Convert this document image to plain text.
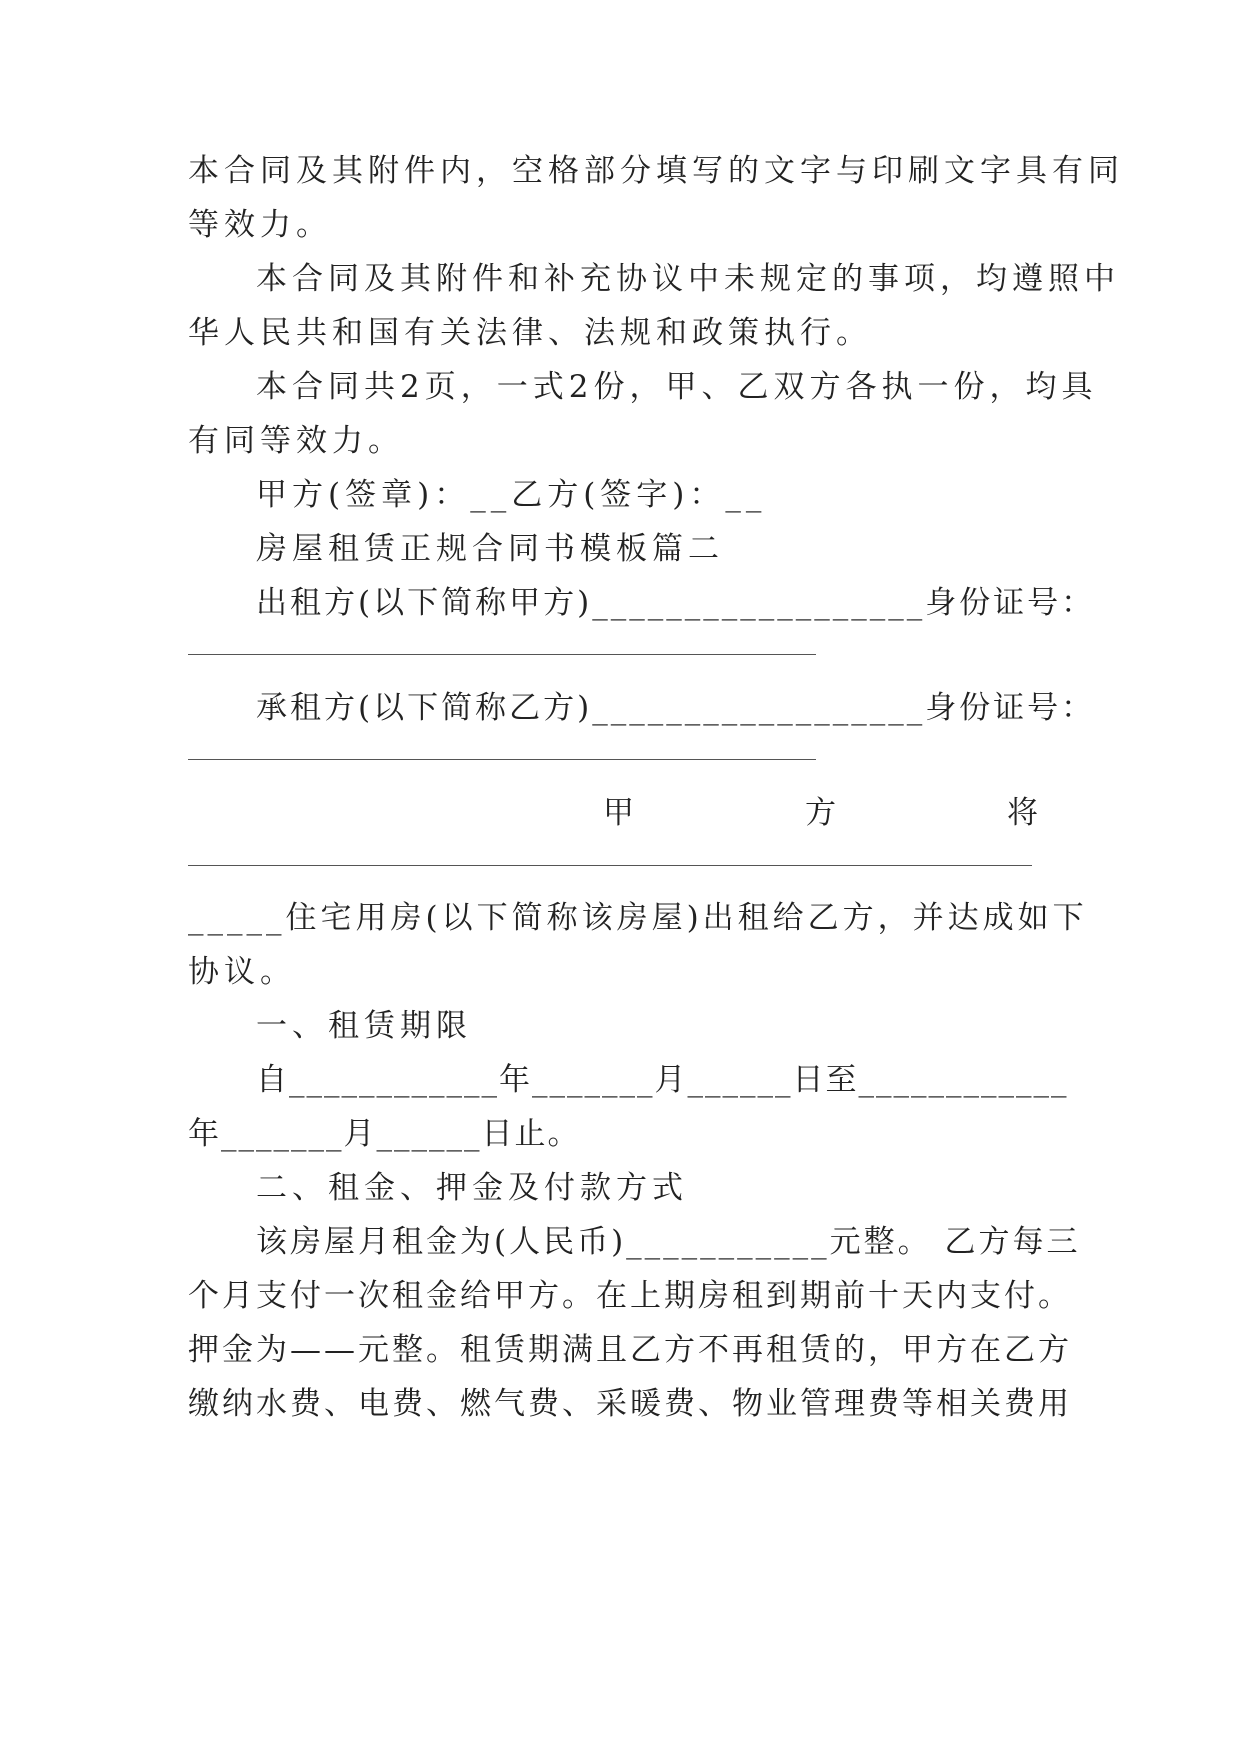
本合同及其附件内，空格部分填写的文字与印刷文字具有同
等效力。
本合同及其附件和补充协议中未规定的事项，均遵照中
华人民共和国有关法律、法规和政策执行。
本合同共2页，一式2份，甲、乙双方各执一份，均具
有同等效力。
甲方(签章)：__乙方(签字)：__
房屋租赁正规合同书模板篇二
出租方(以下简称甲方)__________________身份证号：
承租方(以下简称乙方)__________________身份证号：
甲	方	将
_____住宅用房(以下简称该房屋)出租给乙方，并达成如下
协议。
一、租赁期限
自____________年_______月______日至____________
年_______月______日止。
二、租金、押金及付款方式
该房屋月租金为(人民币)___________元整。 乙方每三
个月支付一次租金给甲方。在上期房租到期前十天内支付。
押金为——元整。租赁期满且乙方不再租赁的，甲方在乙方
缴纳水费、电费、燃气费、采暖费、物业管理费等相关费用
